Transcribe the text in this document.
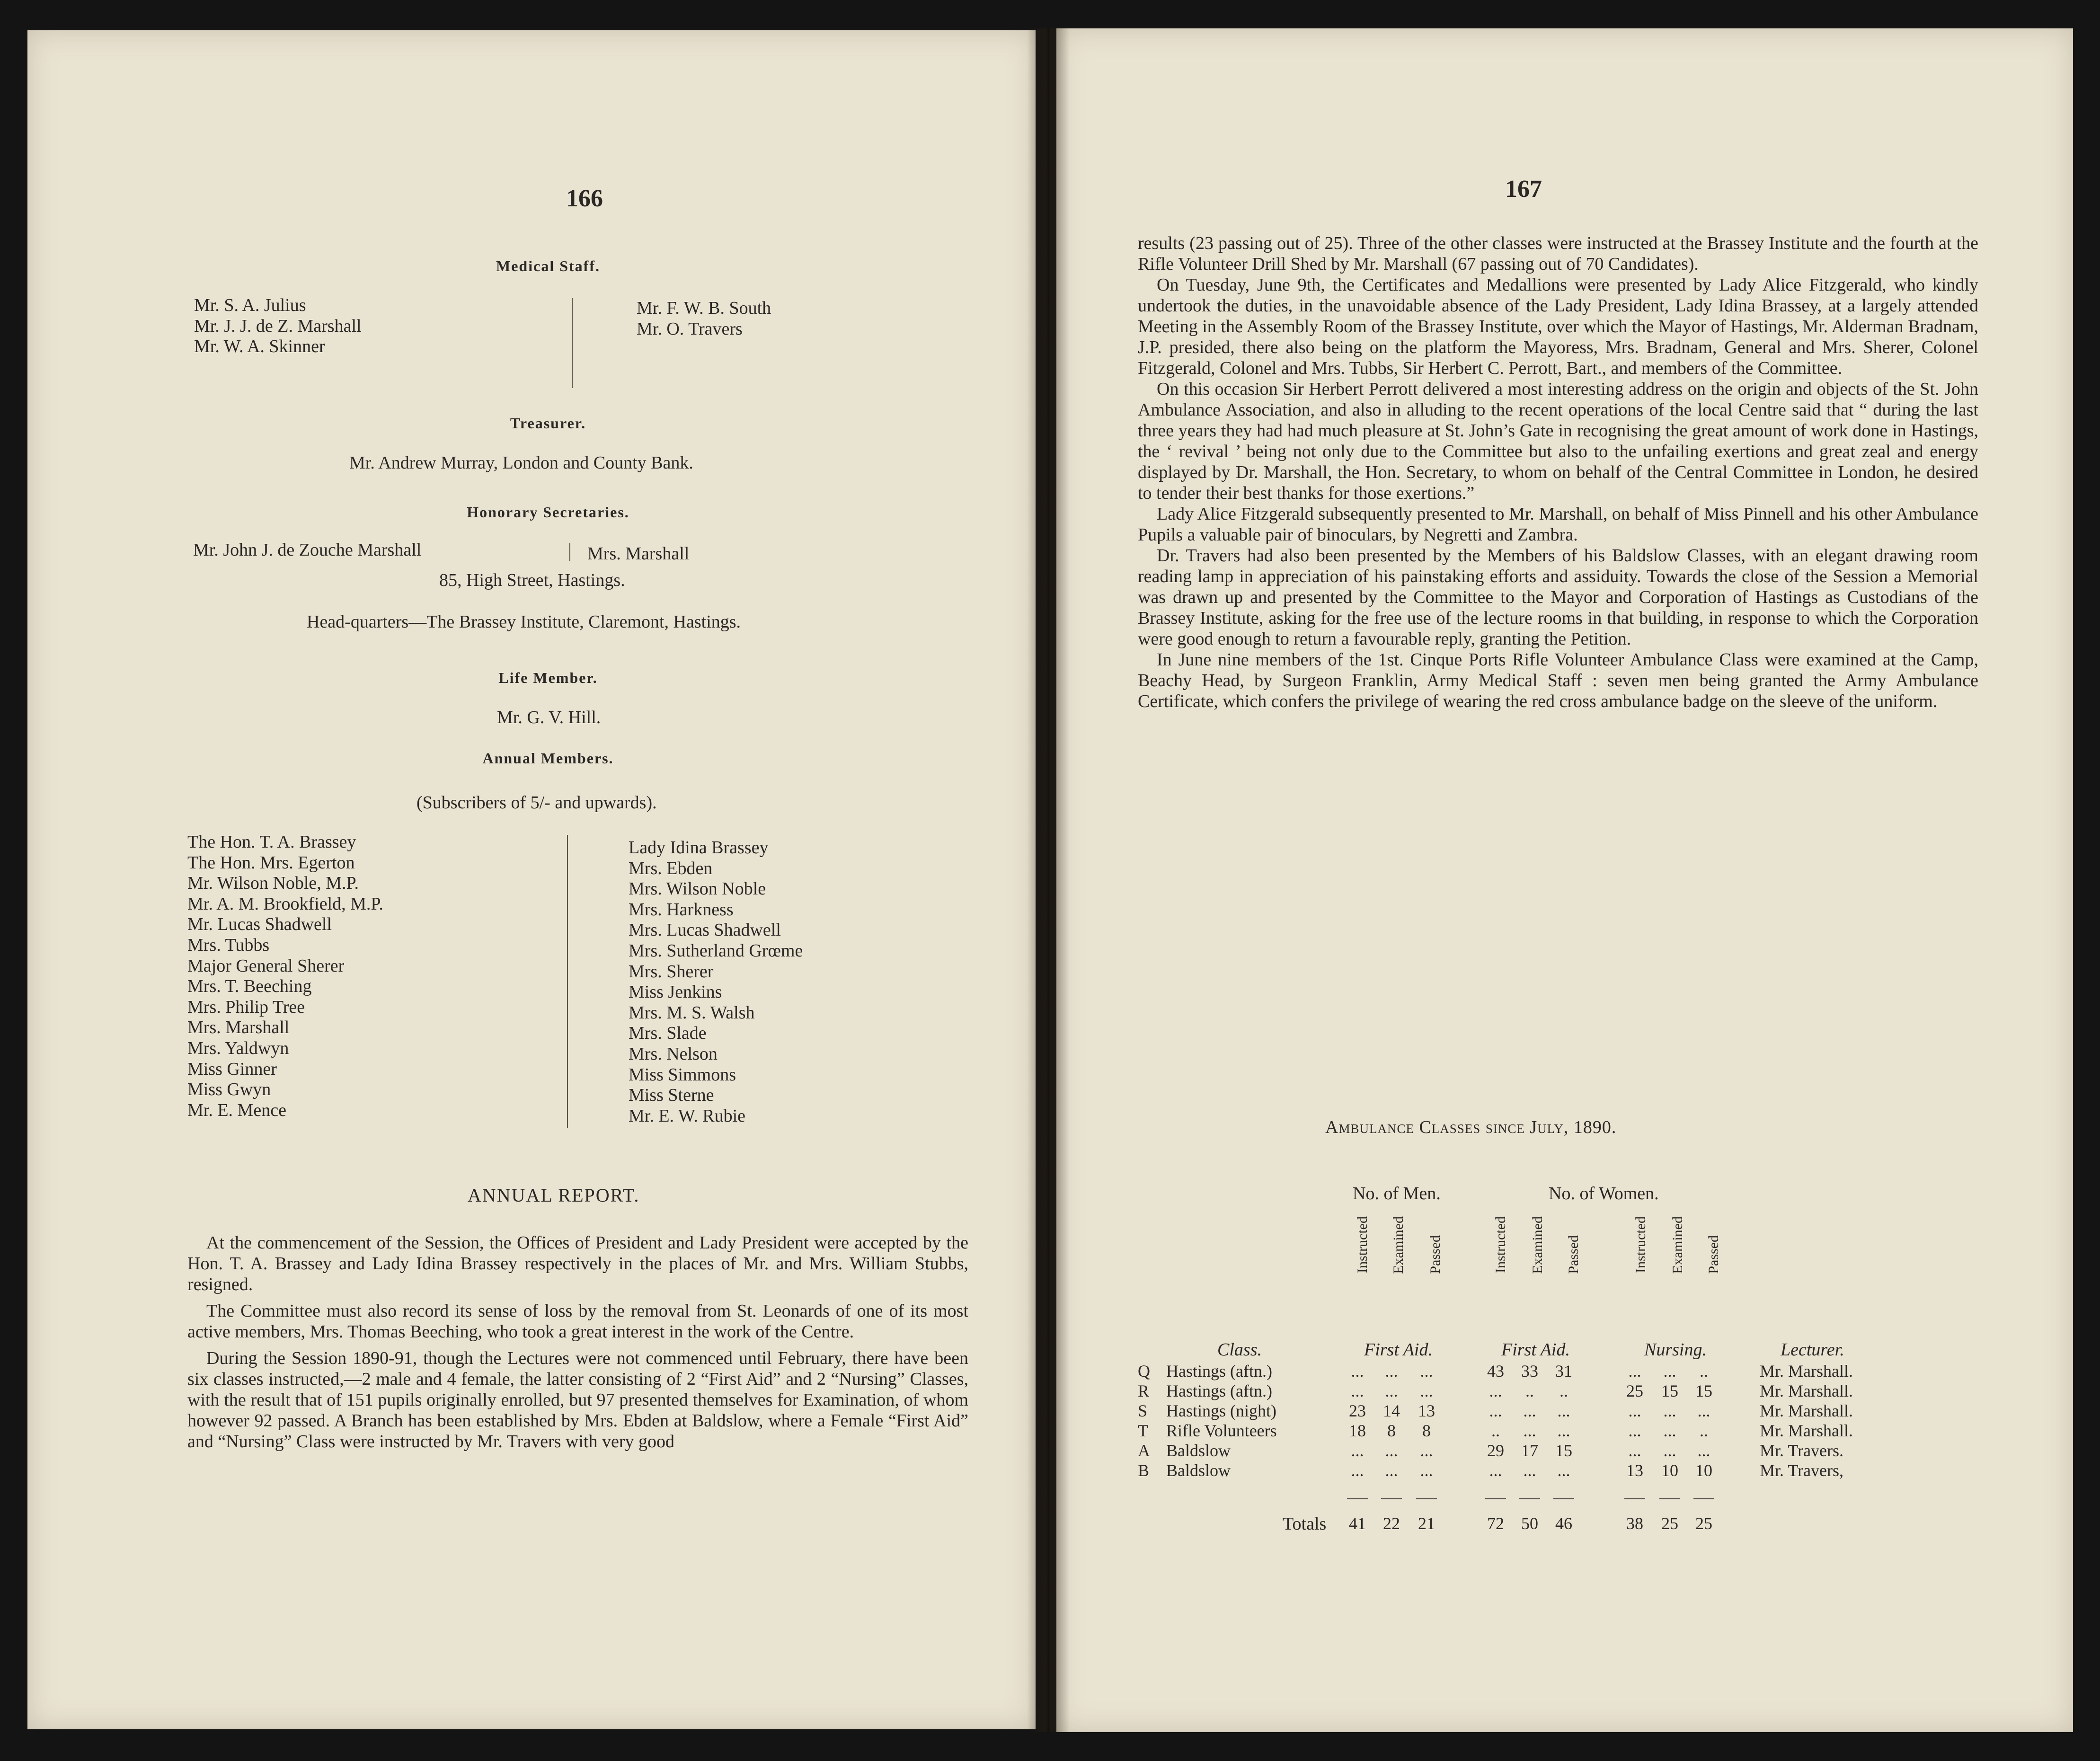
166
Medical Staff.
Mr. S. A. Julius
Mr. J. J. de Z. Marshall
Mr. W. A. Skinner
Mr. F. W. B. South
Mr. O. Travers
Treasurer.
Mr. Andrew Murray, London and County Bank.
Honorary Secretaries.
Mr. John J. de Zouche Marshall	Mrs. Marshall
85, High Street, Hastings.
Head-quarters—The Brassey Institute, Claremont, Hastings.
Life Member.
Mr. G. V. Hill.
Annual Members.
(Subscribers of 5/- and upwards).
The Hon. T. A. Brassey
The Hon. Mrs. Egerton
Mr. Wilson Noble, M.P.
Mr. A. M. Brookfield, M.P.
Mr. Lucas Shadwell
Mrs. Tubbs
Major General Sherer
Mrs. T. Beeching
Mrs. Philip Tree
Mrs. Marshall
Mrs. Yaldwyn
Miss Ginner
Miss Gwyn
Mr. E. Mence
Lady Idina Brassey
Mrs. Ebden
Mrs. Wilson Noble
Mrs. Harkness
Mrs. Lucas Shadwell
Mrs. Sutherland Grœme
Mrs. Sherer
Miss Jenkins
Mrs. M. S. Walsh
Mrs. Slade
Mrs. Nelson
Miss Simmons
Miss Sterne
Mr. E. W. Rubie
ANNUAL REPORT.

At the commencement of the Session, the Offices of President and Lady President were accepted by the Hon. T. A. Brassey and Lady Idina Brassey respectively in the places of Mr. and Mrs. William Stubbs, resigned.

The Committee must also record its sense of loss by the removal from St. Leonards of one of its most active members, Mrs. Thomas Beeching, who took a great interest in the work of the Centre.

During the Session 1890-91, though the Lectures were not commenced until February, there have been six classes instructed,—2 male and 4 female, the latter consisting of 2 “First Aid” and 2 “Nursing” Classes, with the result that of 151 pupils originally enrolled, but 97 presented themselves for Examination, of whom however 92 passed. A Branch has been established by Mrs. Ebden at Baldslow, where a Female “First Aid” and “Nursing” Class were instructed by Mr. Travers with very good

167

results (23 passing out of 25). Three of the other classes were instructed at the Brassey Institute and the fourth at the Rifle Volunteer Drill Shed by Mr. Marshall (67 passing out of 70 Candidates).

On Tuesday, June 9th, the Certificates and Medallions were presented by Lady Alice Fitzgerald, who kindly undertook the duties, in the unavoidable absence of the Lady President, Lady Idina Brassey, at a largely attended Meeting in the Assembly Room of the Brassey Institute, over which the Mayor of Hastings, Mr. Alderman Bradnam, J.P. presided, there also being on the platform the Mayoress, Mrs. Bradnam, General and Mrs. Sherer, Colonel Fitzgerald, Colonel and Mrs. Tubbs, Sir Herbert C. Perrott, Bart., and members of the Committee.

On this occasion Sir Herbert Perrott delivered a most interesting address on the origin and objects of the St. John Ambulance Association, and also in alluding to the recent operations of the local Centre said that “ during the last three years they had had much pleasure at St. John’s Gate in recognising the great amount of work done in Hastings, the ‘ revival ’ being not only due to the Committee but also to the unfailing exertions and great zeal and energy displayed by Dr. Marshall, the Hon. Secretary, to whom on behalf of the Central Committee in London, he desired to tender their best thanks for those exertions.”

Lady Alice Fitzgerald subsequently presented to Mr. Marshall, on behalf of Miss Pinnell and his other Ambulance Pupils a valuable pair of binoculars, by Negretti and Zambra.

Dr. Travers had also been presented by the Members of his Baldslow Classes, with an elegant drawing room reading lamp in appreciation of his painstaking efforts and assiduity. Towards the close of the Session a Memorial was drawn up and presented by the Committee to the Mayor and Corporation of Hastings as Custodians of the Brassey Institute, asking for the free use of the lecture rooms in that building, in response to which the Corporation were good enough to return a favourable reply, granting the Petition.

In June nine members of the 1st. Cinque Ports Rifle Volunteer Ambulance Class were examined at the Camp, Beachy Head, by Surgeon Franklin, Army Medical Staff : seven men being granted the Army Ambulance Certificate, which confers the privilege of wearing the red cross ambulance badge on the sleeve of the uniform.

Ambulance Classes since July, 1890.
No. of Men.	No. of Women.
Instructed Examined Passed	Instructed Examined Passed	Instructed Examined Passed
Class.	First Aid.	First Aid.	Nursing.	Lecturer.
Q Hastings (aftn.)	...	...	...	43	33	31	...	...	..	Mr. Marshall.
R Hastings (aftn.)	...	...	...	...	..	..	25	15	15	Mr. Marshall.
S Hastings (night)	23	14	13	...	...	...	...	...	...	Mr. Marshall.
T Rifle Volunteers	18	8	8	..	...	...	...	...	..	Mr. Marshall.
A Baldslow	...	...	...	29	17	15	...	...	...	Mr. Travers.
B Baldslow	...	...	...	...	...	...	13	10	10	Mr. Travers,
Totals	41	22	21	72	50	46	38	25	25
